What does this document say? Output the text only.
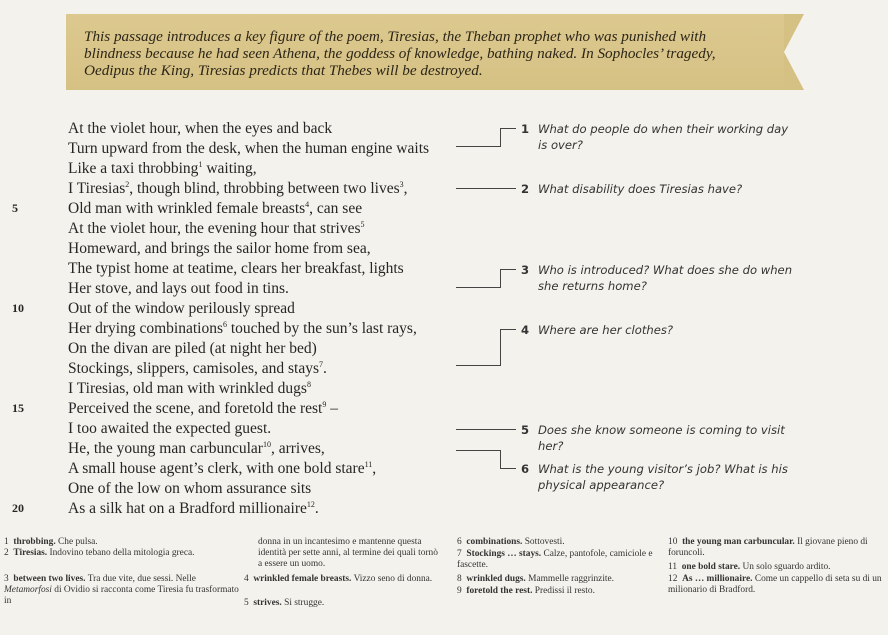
This passage introduces a key figure of the poem, Tiresias, the Theban prophet who was punished with blindness because he had seen Athena, the goddess of knowledge, bathing naked. In Sophocles’ tragedy, Oedipus the King, Tiresias predicts that Thebes will be destroyed.

5
10
15
20
At the violet hour, when the eyes and back
Turn upward from the desk, when the human engine waits
Like a taxi throbbing$^1$ waiting,
I Tiresias$^2$, though blind, throbbing between two lives$^3$,
Old man with wrinkled female breasts$^4$, can see
At the violet hour, the evening hour that strives$^5$
Homeward, and brings the sailor home from sea,
The typist home at teatime, clears her breakfast, lights
Her stove, and lays out food in tins.
Out of the window perilously spread
Her drying combinations$^6$ touched by the sun’s last rays,
On the divan are piled (at night her bed)
Stockings, slippers, camisoles, and stays$^7$.
I Tiresias, old man with wrinkled dugs$^8$
Perceived the scene, and foretold the rest$^9$ –
I too awaited the expected guest.
He, the young man carbuncular$^{10}$, arrives,
A small house agent’s clerk, with one bold stare$^{11}$,
One of the low on whom assurance sits
As a silk hat on a Bradford millionaire$^{12}$.
1 What do people do when their working day is over?
2 What disability does Tiresias have?
3 Who is introduced? What does she do when she returns home?
4 Where are her clothes?
5 Does she know someone is coming to visit her?
6 What is the young visitor’s job? What is his physical appearance?
1 throbbing. Che pulsa.
2 Tiresias. Indovino tebano della mitologia greca.
3 between two lives. Tra due vite, due sessi. Nelle Metamorfosi di Ovidio si racconta come Tiresia fu trasformato in
donna in un incantesimo e mantenne questa identità per sette anni, al termine dei quali tornò a essere un uomo.
4 wrinkled female breasts. Vizzo seno di donna.
5 strives. Si strugge.
6 combinations. Sottovesti.
7 Stockings … stays. Calze, pantofole, camiciole e fascette.
8 wrinkled dugs. Mammelle raggrinzite.
9 foretold the rest. Predissi il resto.
10 the young man carbuncular. Il giovane pieno di foruncoli.
11 one bold stare. Un solo sguardo ardito.
12 As … millionaire. Come un cappello di seta su di un milionario di Bradford.
